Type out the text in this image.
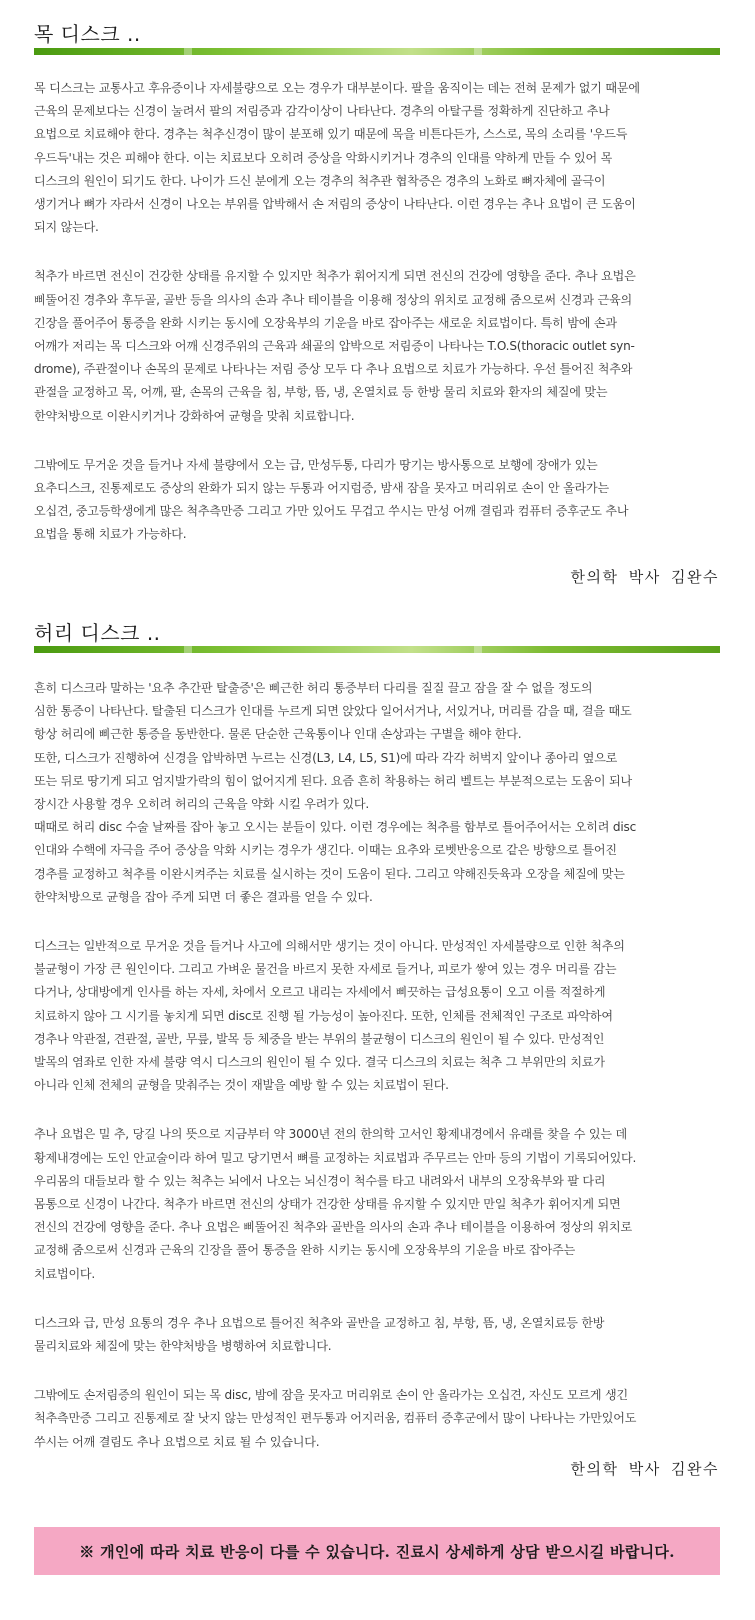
목 디스크 ..

목 디스크는 교통사고 후유증이나 자세불량으로 오는 경우가 대부분이다. 팔을 움직이는 데는 전혀 문제가 없기 때문에
근육의 문제보다는 신경이 눌려서 팔의 저림증과 감각이상이 나타난다. 경추의 아탈구를 정확하게 진단하고 추나
요법으로 치료해야 한다. 경추는 척추신경이 많이 분포해 있기 때문에 목을 비튼다든가, 스스로, 목의 소리를 '우드득
우드득'내는 것은 피해야 한다. 이는 치료보다 오히려 증상을 악화시키거나 경추의 인대를 약하게 만들 수 있어 목
디스크의 원인이 되기도 한다. 나이가 드신 분에게 오는 경추의 척추관 협착증은 경추의 노화로 뼈자체에 골극이
생기거나 뼈가 자라서 신경이 나오는 부위를 압박해서 손 저림의 증상이 나타난다. 이런 경우는 추나 요법이 큰 도움이
되지 않는다.

척추가 바르면 전신이 건강한 상태를 유지할 수 있지만 척추가 휘어지게 되면 전신의 건강에 영향을 준다. 추나 요법은
삐뚤어진 경추와 후두골, 골반 등을 의사의 손과 추나 테이블을 이용해 정상의 위치로 교정해 줌으로써 신경과 근육의
긴장을 풀어주어 통증을 완화 시키는 동시에 오장육부의 기운을 바로 잡아주는 새로운 치료법이다. 특히 밤에 손과
어깨가 저리는 목 디스크와 어깨 신경주위의 근육과 쇄골의 압박으로 저림증이 나타나는 T.O.S(thoracic outlet syn-
drome), 주관절이나 손목의 문제로 나타나는 저림 증상 모두 다 추나 요법으로 치료가 가능하다. 우선 틀어진 척추와
관절을 교정하고 목, 어깨, 팔, 손목의 근육을 침, 부항, 뜸, 냉, 온열치료 등 한방 물리 치료와 환자의 체질에 맞는
한약처방으로 이완시키거나 강화하여 균형을 맞춰 치료합니다.

그밖에도 무거운 것을 들거나 자세 불량에서 오는 급, 만성두통, 다리가 땅기는 방사통으로 보행에 장애가 있는
요추디스크, 진통제로도 증상의 완화가 되지 않는 두통과 어지럼증, 밤새 잠을 못자고 머리위로 손이 안 올라가는
오십견, 중고등학생에게 많은 척추측만증 그리고 가만 있어도 무겁고 쑤시는 만성 어깨 결림과 컴퓨터 증후군도 추나
요법을 통해 치료가 가능하다.

한의학 박사 김완수

허리 디스크 ..

흔히 디스크라 말하는 '요추 추간판 탈출증'은 삐근한 허리 통증부터 다리를 질질 끌고 잠을 잘 수 없을 정도의
심한 통증이 나타난다. 탈출된 디스크가 인대를 누르게 되면 앉았다 일어서거나, 서있거나, 머리를 감을 때, 걸을 때도
항상 허리에 삐근한 통증을 동반한다. 물론 단순한 근육통이나 인대 손상과는 구별을 해야 한다.
또한, 디스크가 진행하여 신경을 압박하면 누르는 신경(L3, L4, L5, S1)에 따라 각각 허벅지 앞이나 종아리 옆으로
또는 뒤로 땅기게 되고 엄지발가락의 힘이 없어지게 된다. 요즘 흔히 착용하는 허리 벨트는 부분적으로는 도움이 되나
장시간 사용할 경우 오히려 허리의 근육을 약화 시킬 우려가 있다.
때때로 허리 disc 수술 날짜를 잡아 놓고 오시는 분들이 있다. 이런 경우에는 척추를 함부로 틀어주어서는 오히려 disc
인대와 수핵에 자극을 주어 증상을 악화 시키는 경우가 생긴다. 이때는 요추와 로벳반응으로 같은 방향으로 틀어진
경추를 교정하고 척추를 이완시켜주는 치료를 실시하는 것이 도움이 된다. 그리고 약해진듯육과 오장을 체질에 맞는
한약처방으로 균형을 잡아 주게 되면 더 좋은 결과를 얻을 수 있다.

디스크는 일반적으로 무거운 것을 들거나 사고에 의해서만 생기는 것이 아니다. 만성적인 자세불량으로 인한 척추의
불균형이 가장 큰 원인이다. 그리고 가벼운 물건을 바르지 못한 자세로 들거나, 피로가 쌓여 있는 경우 머리를 감는
다거나, 상대방에게 인사를 하는 자세, 차에서 오르고 내리는 자세에서 삐끗하는 급성요통이 오고 이를 적절하게
치료하지 않아 그 시기를 놓치게 되면 disc로 진행 될 가능성이 높아진다. 또한, 인체를 전체적인 구조로 파악하여
경추나 악관절, 견관절, 골반, 무릎, 발목 등 체중을 받는 부위의 불균형이 디스크의 원인이 될 수 있다. 만성적인
발목의 염좌로 인한 자세 불량 역시 디스크의 원인이 될 수 있다. 결국 디스크의 치료는 척추 그 부위만의 치료가
아니라 인체 전체의 균형을 맞춰주는 것이 재발을 예방 할 수 있는 치료법이 된다.

추나 요법은 밀 추, 당길 나의 뜻으로 지금부터 약 3000년 전의 한의학 고서인 황제내경에서 유래를 찾을 수 있는 데
황제내경에는 도인 안교술이라 하여 밀고 당기면서 뼈를 교정하는 치료법과 주무르는 안마 등의 기법이 기록되어있다.
우리몸의 대들보라 할 수 있는 척추는 뇌에서 나오는 뇌신경이 척수를 타고 내려와서 내부의 오장육부와 팔 다리
몸통으로 신경이 나간다. 척추가 바르면 전신의 상태가 건강한 상태를 유지할 수 있지만 만일 척추가 휘어지게 되면
전신의 건강에 영향을 준다. 추나 요법은 삐뚤어진 척추와 골반을 의사의 손과 추나 테이블을 이용하여 정상의 위치로
교정해 줌으로써 신경과 근육의 긴장을 풀어 통증을 완하 시키는 동시에 오장육부의 기운을 바로 잡아주는
치료법이다.

디스크와 급, 만성 요통의 경우 추나 요법으로 틀어진 척추와 골반을 교정하고 침, 부항, 뜸, 냉, 온열치료등 한방
물리치료와 체질에 맞는 한약처방을 병행하여 치료합니다.

그밖에도 손저림증의 원인이 되는 목 disc, 밤에 잠을 못자고 머리위로 손이 안 올라가는 오십견, 자신도 모르게 생긴
척추측만증 그리고 진통제로 잘 낫지 않는 만성적인 편두통과 어지러움, 컴퓨터 증후군에서 많이 나타나는 가만있어도
쑤시는 어깨 결림도 추나 요법으로 치료 될 수 있습니다.

한의학 박사 김완수

※ 개인에 따라 치료 반응이 다를 수 있습니다. 진료시 상세하게 상담 받으시길 바랍니다.
